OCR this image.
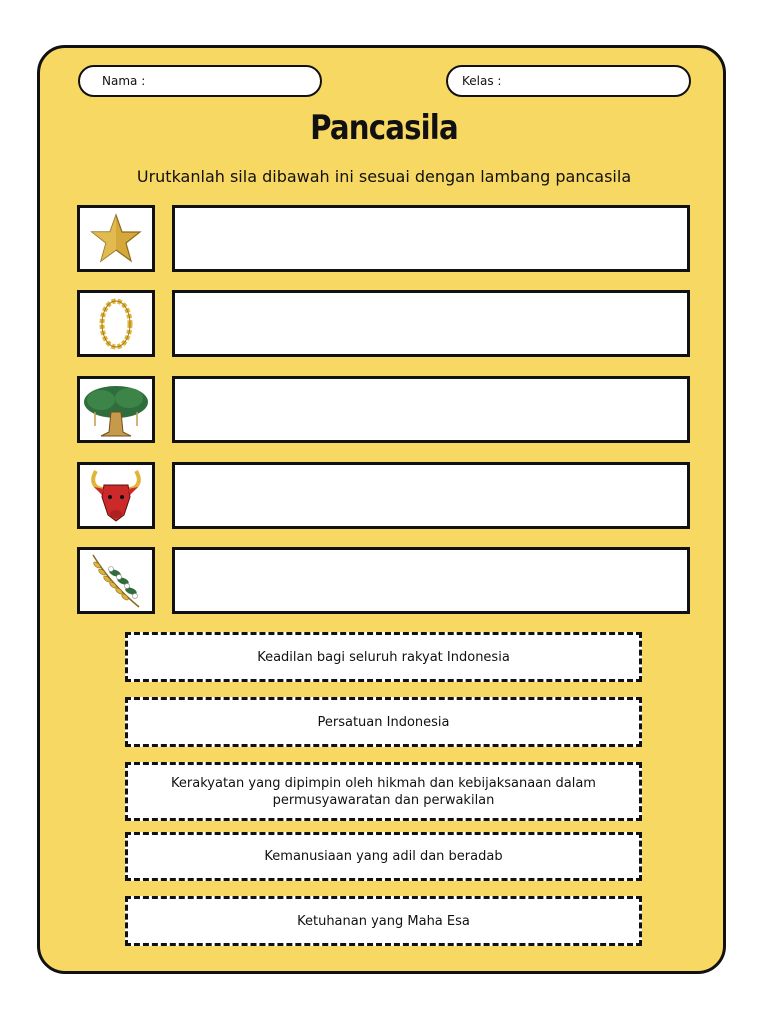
Nama :	Kelas :
Pancasila
Urutkanlah sila dibawah ini sesuai dengan lambang pancasila
Keadilan bagi seluruh rakyat Indonesia
Persatuan Indonesia
Kerakyatan yang dipimpin oleh hikmah dan kebijaksanaan dalam permusyawaratan dan perwakilan
Kemanusiaan yang adil dan beradab
Ketuhanan yang Maha Esa
